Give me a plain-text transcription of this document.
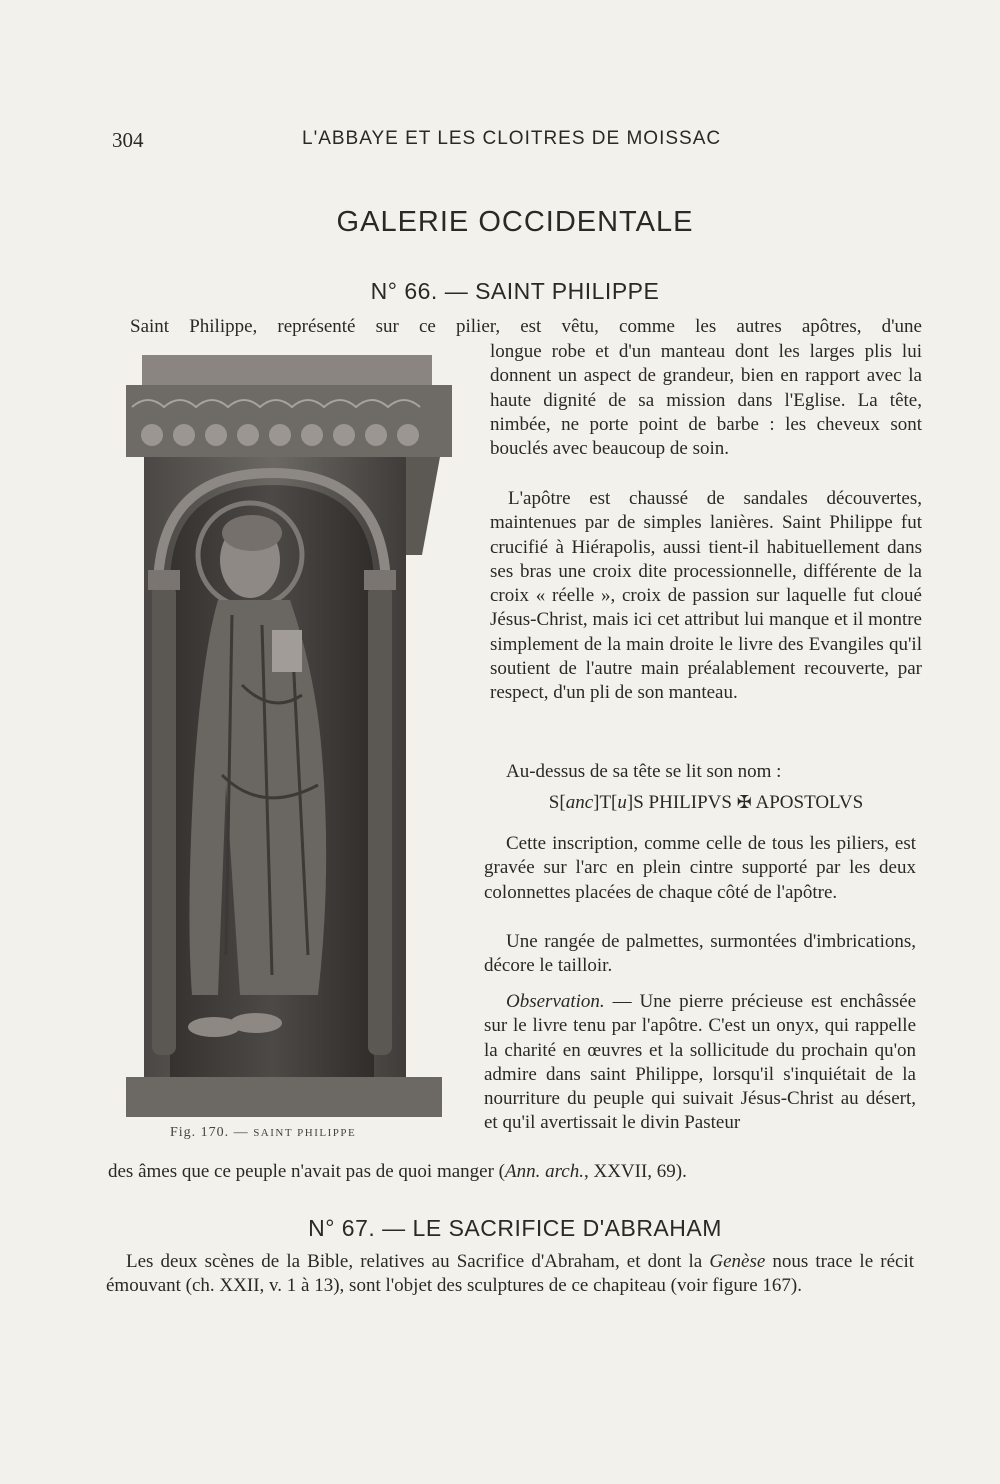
304	L'ABBAYE ET LES CLOITRES DE MOISSAC
GALERIE OCCIDENTALE
N° 66. — SAINT PHILIPPE

Saint Philippe, représenté sur ce pilier, est vêtu, comme les autres apôtres, d'une

longue robe et d'un manteau dont les larges plis lui donnent un aspect de grandeur, bien en rapport avec la haute dignité de sa mission dans l'Eglise. La tête, nimbée, ne porte point de barbe : les cheveux sont bouclés avec beaucoup de soin.

L'apôtre est chaussé de sandales découvertes, maintenues par de simples lanières. Saint Philippe fut crucifié à Hiérapolis, aussi tient-il habituellement dans ses bras une croix dite processionnelle, différente de la croix « réelle », croix de passion sur laquelle fut cloué Jésus-Christ, mais ici cet attribut lui manque et il montre simplement de la main droite le livre des Evangiles qu'il soutient de l'autre main préalablement recouverte, par respect, d'un pli de son manteau.

Au-dessus de sa tête se lit son nom :

S[anc]T[u]S PHILIPVS ✠ APOSTOLVS

Cette inscription, comme celle de tous les piliers, est gravée sur l'arc en plein cintre supporté par les deux colonnettes placées de chaque côté de l'apôtre.

Une rangée de palmettes, surmontées d'imbrications, décore le tailloir.

Observation. — Une pierre précieuse est enchâssée sur le livre tenu par l'apôtre. C'est un onyx, qui rappelle la charité en œuvres et la sollicitude du prochain qu'on admire dans saint Philippe, lorsqu'il s'inquiétait de la nourriture du peuple qui suivait Jésus-Christ au désert, et qu'il avertissait le divin Pasteur

des âmes que ce peuple n'avait pas de quoi manger (Ann. arch., XXVII, 69).

Fig. 170. — SAINT PHILIPPE
N° 67. — LE SACRIFICE D'ABRAHAM

Les deux scènes de la Bible, relatives au Sacrifice d'Abraham, et dont la Genèse nous trace le récit émouvant (ch. XXII, v. 1 à 13), sont l'objet des sculptures de ce chapiteau (voir figure 167).
